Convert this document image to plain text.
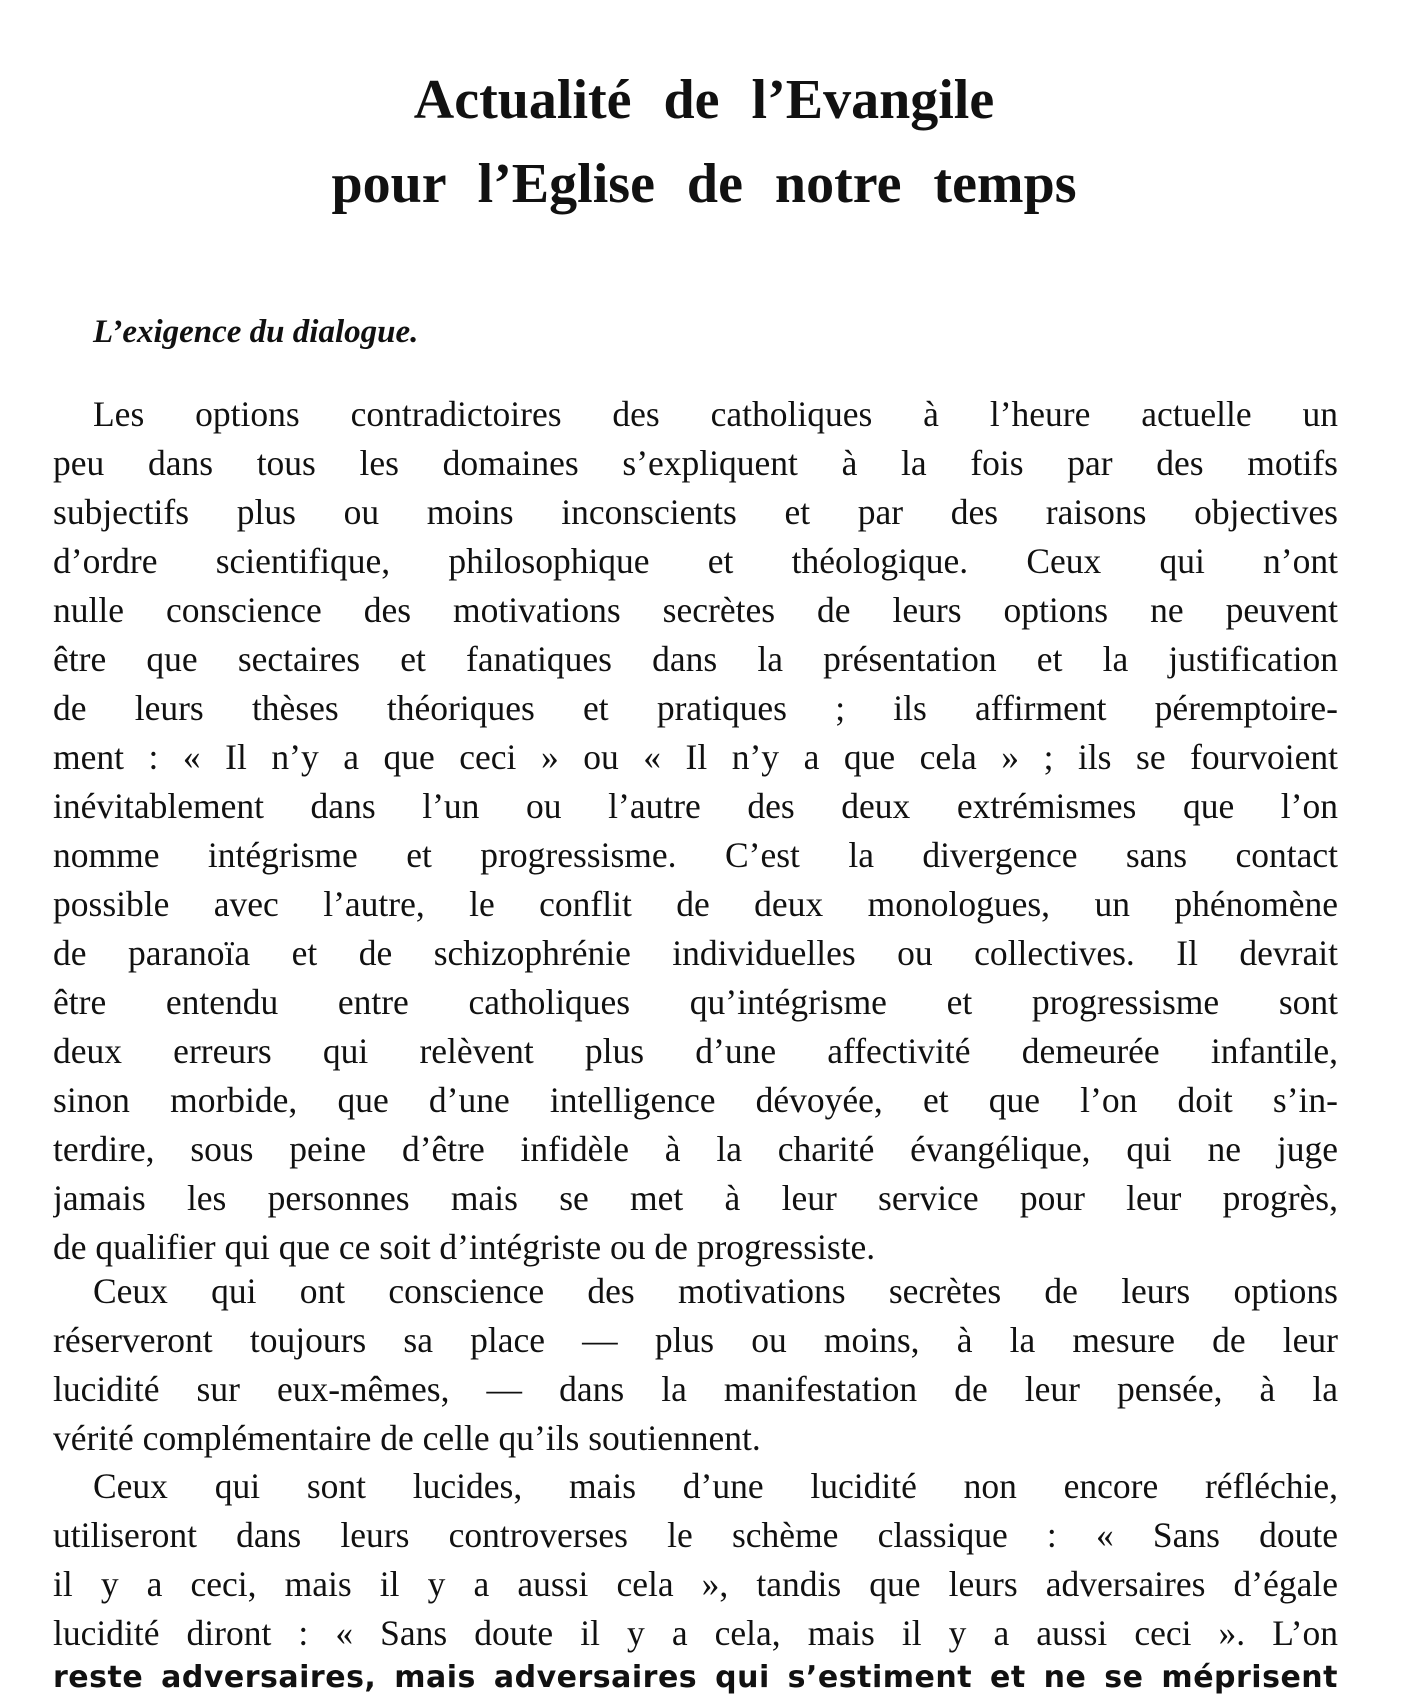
Actualité de l’Evangile
pour l’Eglise de notre temps
L’exigence du dialogue.
Les options contradictoires des catholiques à l’heure actuelle un
peu dans tous les domaines s’expliquent à la fois par des motifs
subjectifs plus ou moins inconscients et par des raisons objectives
d’ordre scientifique, philosophique et théologique. Ceux qui n’ont
nulle conscience des motivations secrètes de leurs options ne peuvent
être que sectaires et fanatiques dans la présentation et la justification
de leurs thèses théoriques et pratiques ; ils affirment péremptoire-
ment : « Il n’y a que ceci » ou « Il n’y a que cela » ; ils se fourvoient
inévitablement dans l’un ou l’autre des deux extrémismes que l’on
nomme intégrisme et progressisme. C’est la divergence sans contact
possible avec l’autre, le conflit de deux monologues, un phénomène
de paranoïa et de schizophrénie individuelles ou collectives. Il devrait
être entendu entre catholiques qu’intégrisme et progressisme sont
deux erreurs qui relèvent plus d’une affectivité demeurée infantile,
sinon morbide, que d’une intelligence dévoyée, et que l’on doit s’in-
terdire, sous peine d’être infidèle à la charité évangélique, qui ne juge
jamais les personnes mais se met à leur service pour leur progrès,
de qualifier qui que ce soit d’intégriste ou de progressiste.
Ceux qui ont conscience des motivations secrètes de leurs options
réserveront toujours sa place — plus ou moins, à la mesure de leur
lucidité sur eux-mêmes, — dans la manifestation de leur pensée, à la
vérité complémentaire de celle qu’ils soutiennent.
Ceux qui sont lucides, mais d’une lucidité non encore réfléchie,
utiliseront dans leurs controverses le schème classique : « Sans doute
il y a ceci, mais il y a aussi cela », tandis que leurs adversaires d’égale
lucidité diront : « Sans doute il y a cela, mais il y a aussi ceci ». L’on
reste adversaires, mais adversaires qui s’estiment et ne se méprisent
